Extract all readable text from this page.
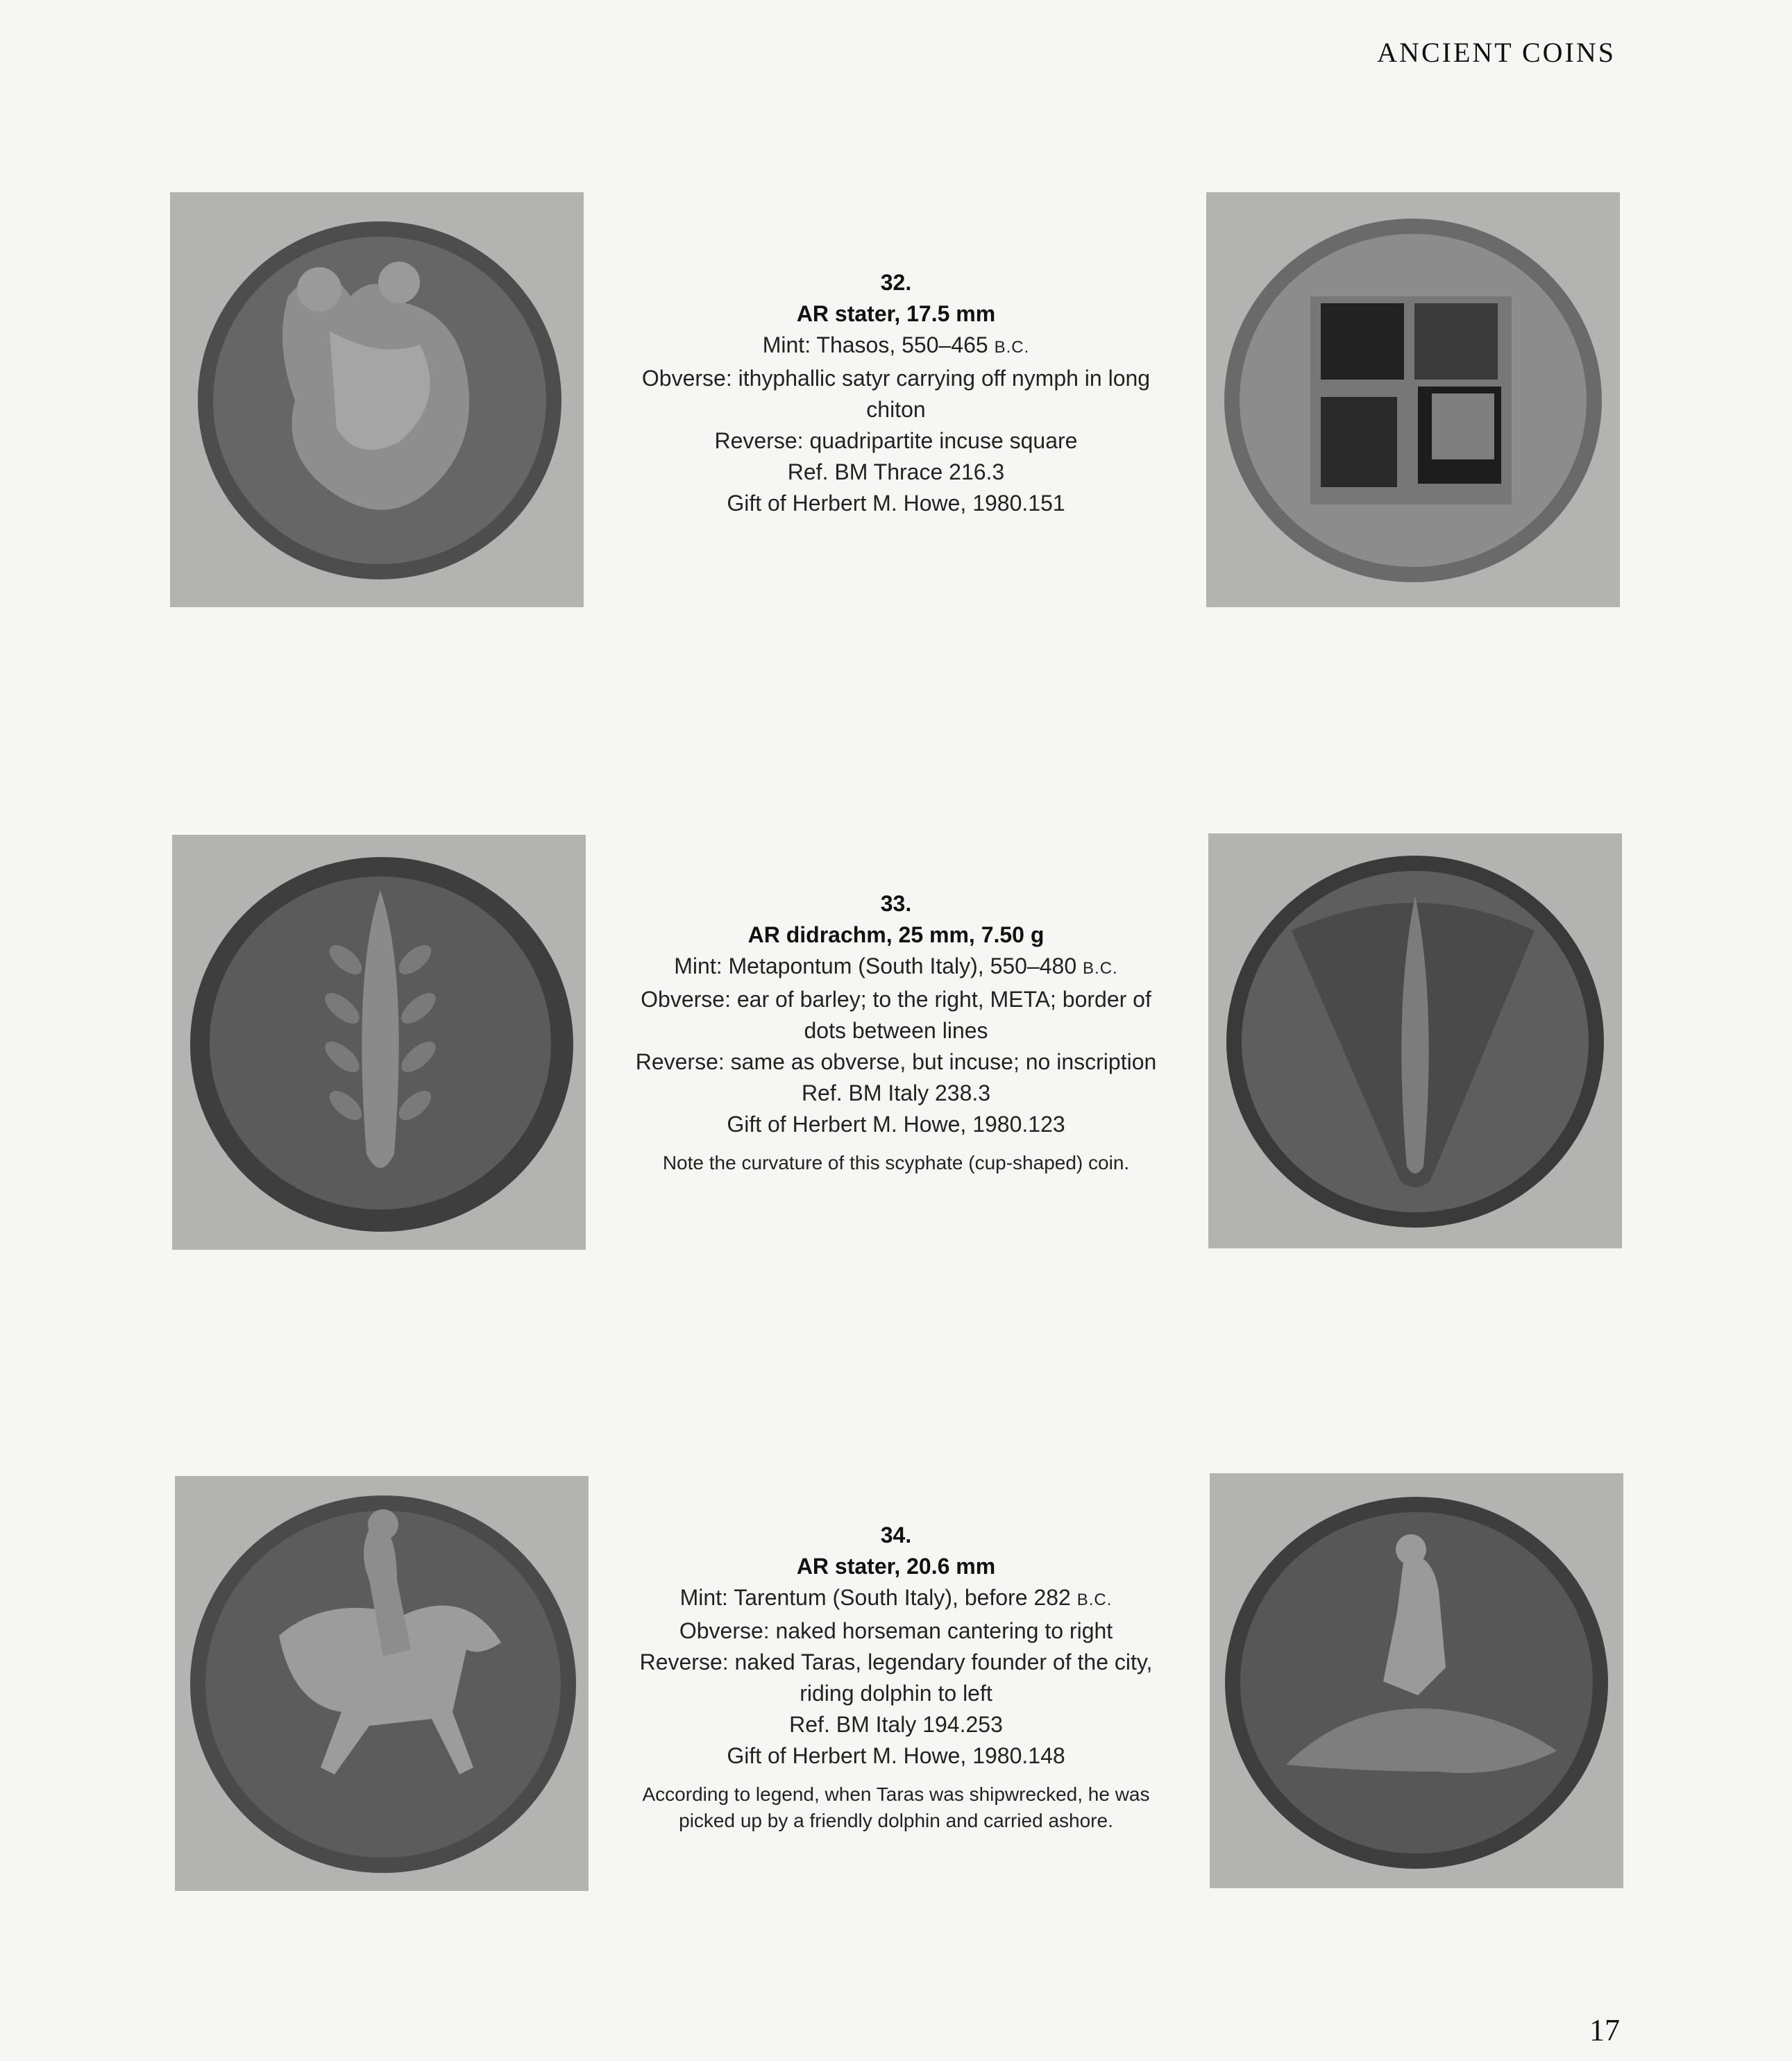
ANCIENT COINS
32.
AR stater, 17.5 mm
Mint: Thasos, 550–465 B.C.
Obverse: ithyphallic satyr carrying off nymph in long chiton
Reverse: quadripartite incuse square
Ref. BM Thrace 216.3
Gift of Herbert M. Howe, 1980.151
33.
AR didrachm, 25 mm, 7.50 g
Mint: Metapontum (South Italy), 550–480 B.C.
Obverse: ear of barley; to the right, META; border of dots between lines
Reverse: same as obverse, but incuse; no inscription
Ref. BM Italy 238.3
Gift of Herbert M. Howe, 1980.123
Note the curvature of this scyphate (cup-shaped) coin.
34.
AR stater, 20.6 mm
Mint: Tarentum (South Italy), before 282 B.C.
Obverse: naked horseman cantering to right
Reverse: naked Taras, legendary founder of the city, riding dolphin to left
Ref. BM Italy 194.253
Gift of Herbert M. Howe, 1980.148
According to legend, when Taras was shipwrecked, he was picked up by a friendly dolphin and carried ashore.
17
